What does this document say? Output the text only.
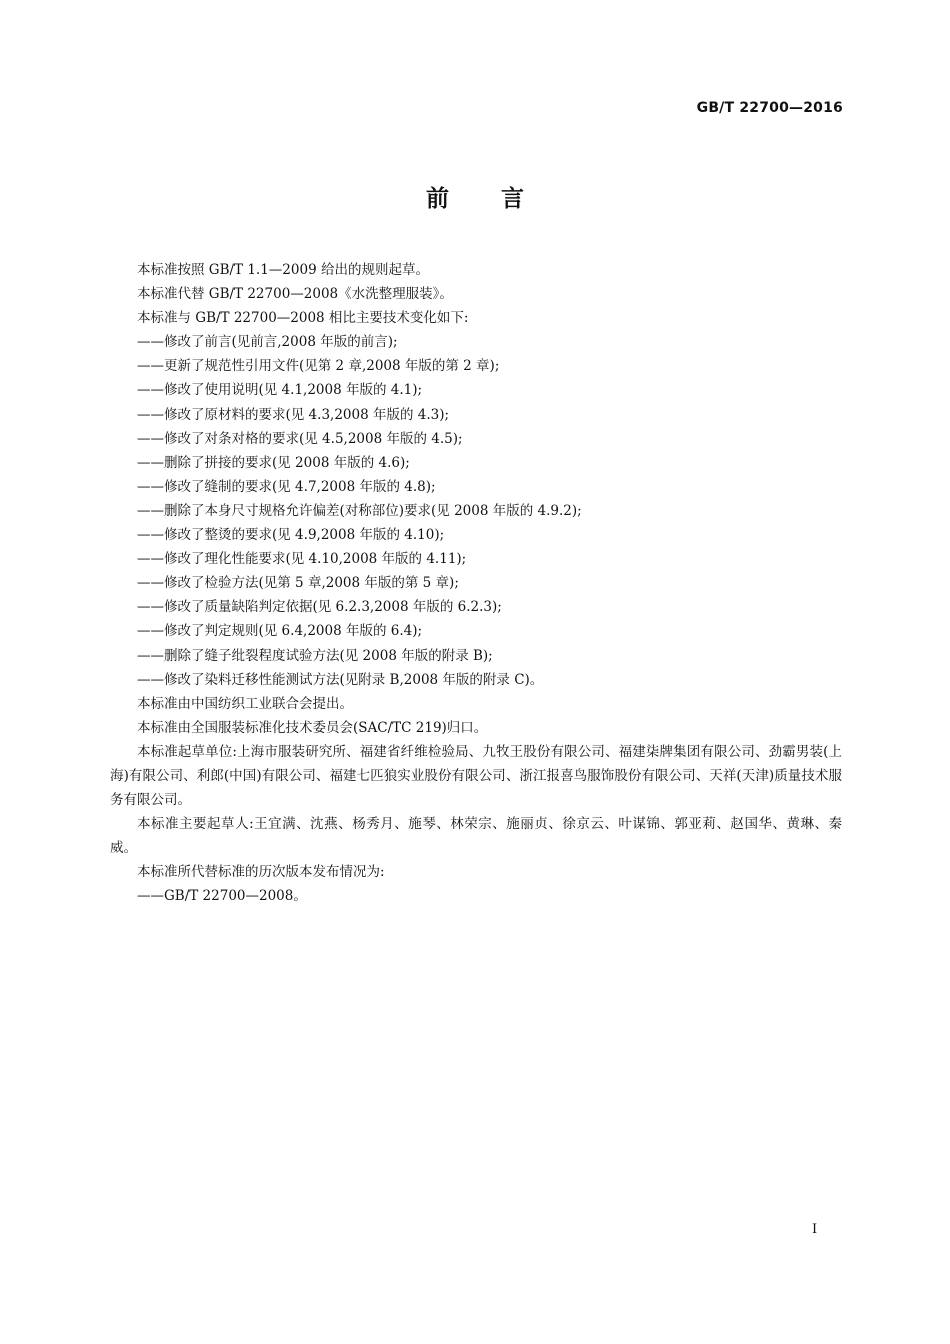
GB/T 22700—2016
前言

本标准按照 GB/T 1.1—2009 给出的规则起草。

本标准代替 GB/T 22700—2008《水洗整理服装》。

本标准与 GB/T 22700—2008 相比主要技术变化如下:

——修改了前言(见前言,2008 年版的前言);

——更新了规范性引用文件(见第 2 章,2008 年版的第 2 章);

——修改了使用说明(见 4.1,2008 年版的 4.1);

——修改了原材料的要求(见 4.3,2008 年版的 4.3);

——修改了对条对格的要求(见 4.5,2008 年版的 4.5);

——删除了拼接的要求(见 2008 年版的 4.6);

——修改了缝制的要求(见 4.7,2008 年版的 4.8);

——删除了本身尺寸规格允许偏差(对称部位)要求(见 2008 年版的 4.9.2);

——修改了整烫的要求(见 4.9,2008 年版的 4.10);

——修改了理化性能要求(见 4.10,2008 年版的 4.11);

——修改了检验方法(见第 5 章,2008 年版的第 5 章);

——修改了质量缺陷判定依据(见 6.2.3,2008 年版的 6.2.3);

——修改了判定规则(见 6.4,2008 年版的 6.4);

——删除了缝子纰裂程度试验方法(见 2008 年版的附录 B);

——修改了染料迁移性能测试方法(见附录 B,2008 年版的附录 C)。

本标准由中国纺织工业联合会提出。

本标准由全国服装标准化技术委员会(SAC/TC 219)归口。

本标准起草单位:上海市服装研究所、福建省纤维检验局、九牧王股份有限公司、福建柒牌集团有限公司、劲霸男装(上海)有限公司、利郎(中国)有限公司、福建七匹狼实业股份有限公司、浙江报喜鸟服饰股份有限公司、天祥(天津)质量技术服务有限公司。

本标准主要起草人:王宜满、沈燕、杨秀月、施琴、林荣宗、施丽贞、徐京云、叶谋锦、郭亚莉、赵国华、黄琳、秦威。

本标准所代替标准的历次版本发布情况为:

——GB/T 22700—2008。

I
